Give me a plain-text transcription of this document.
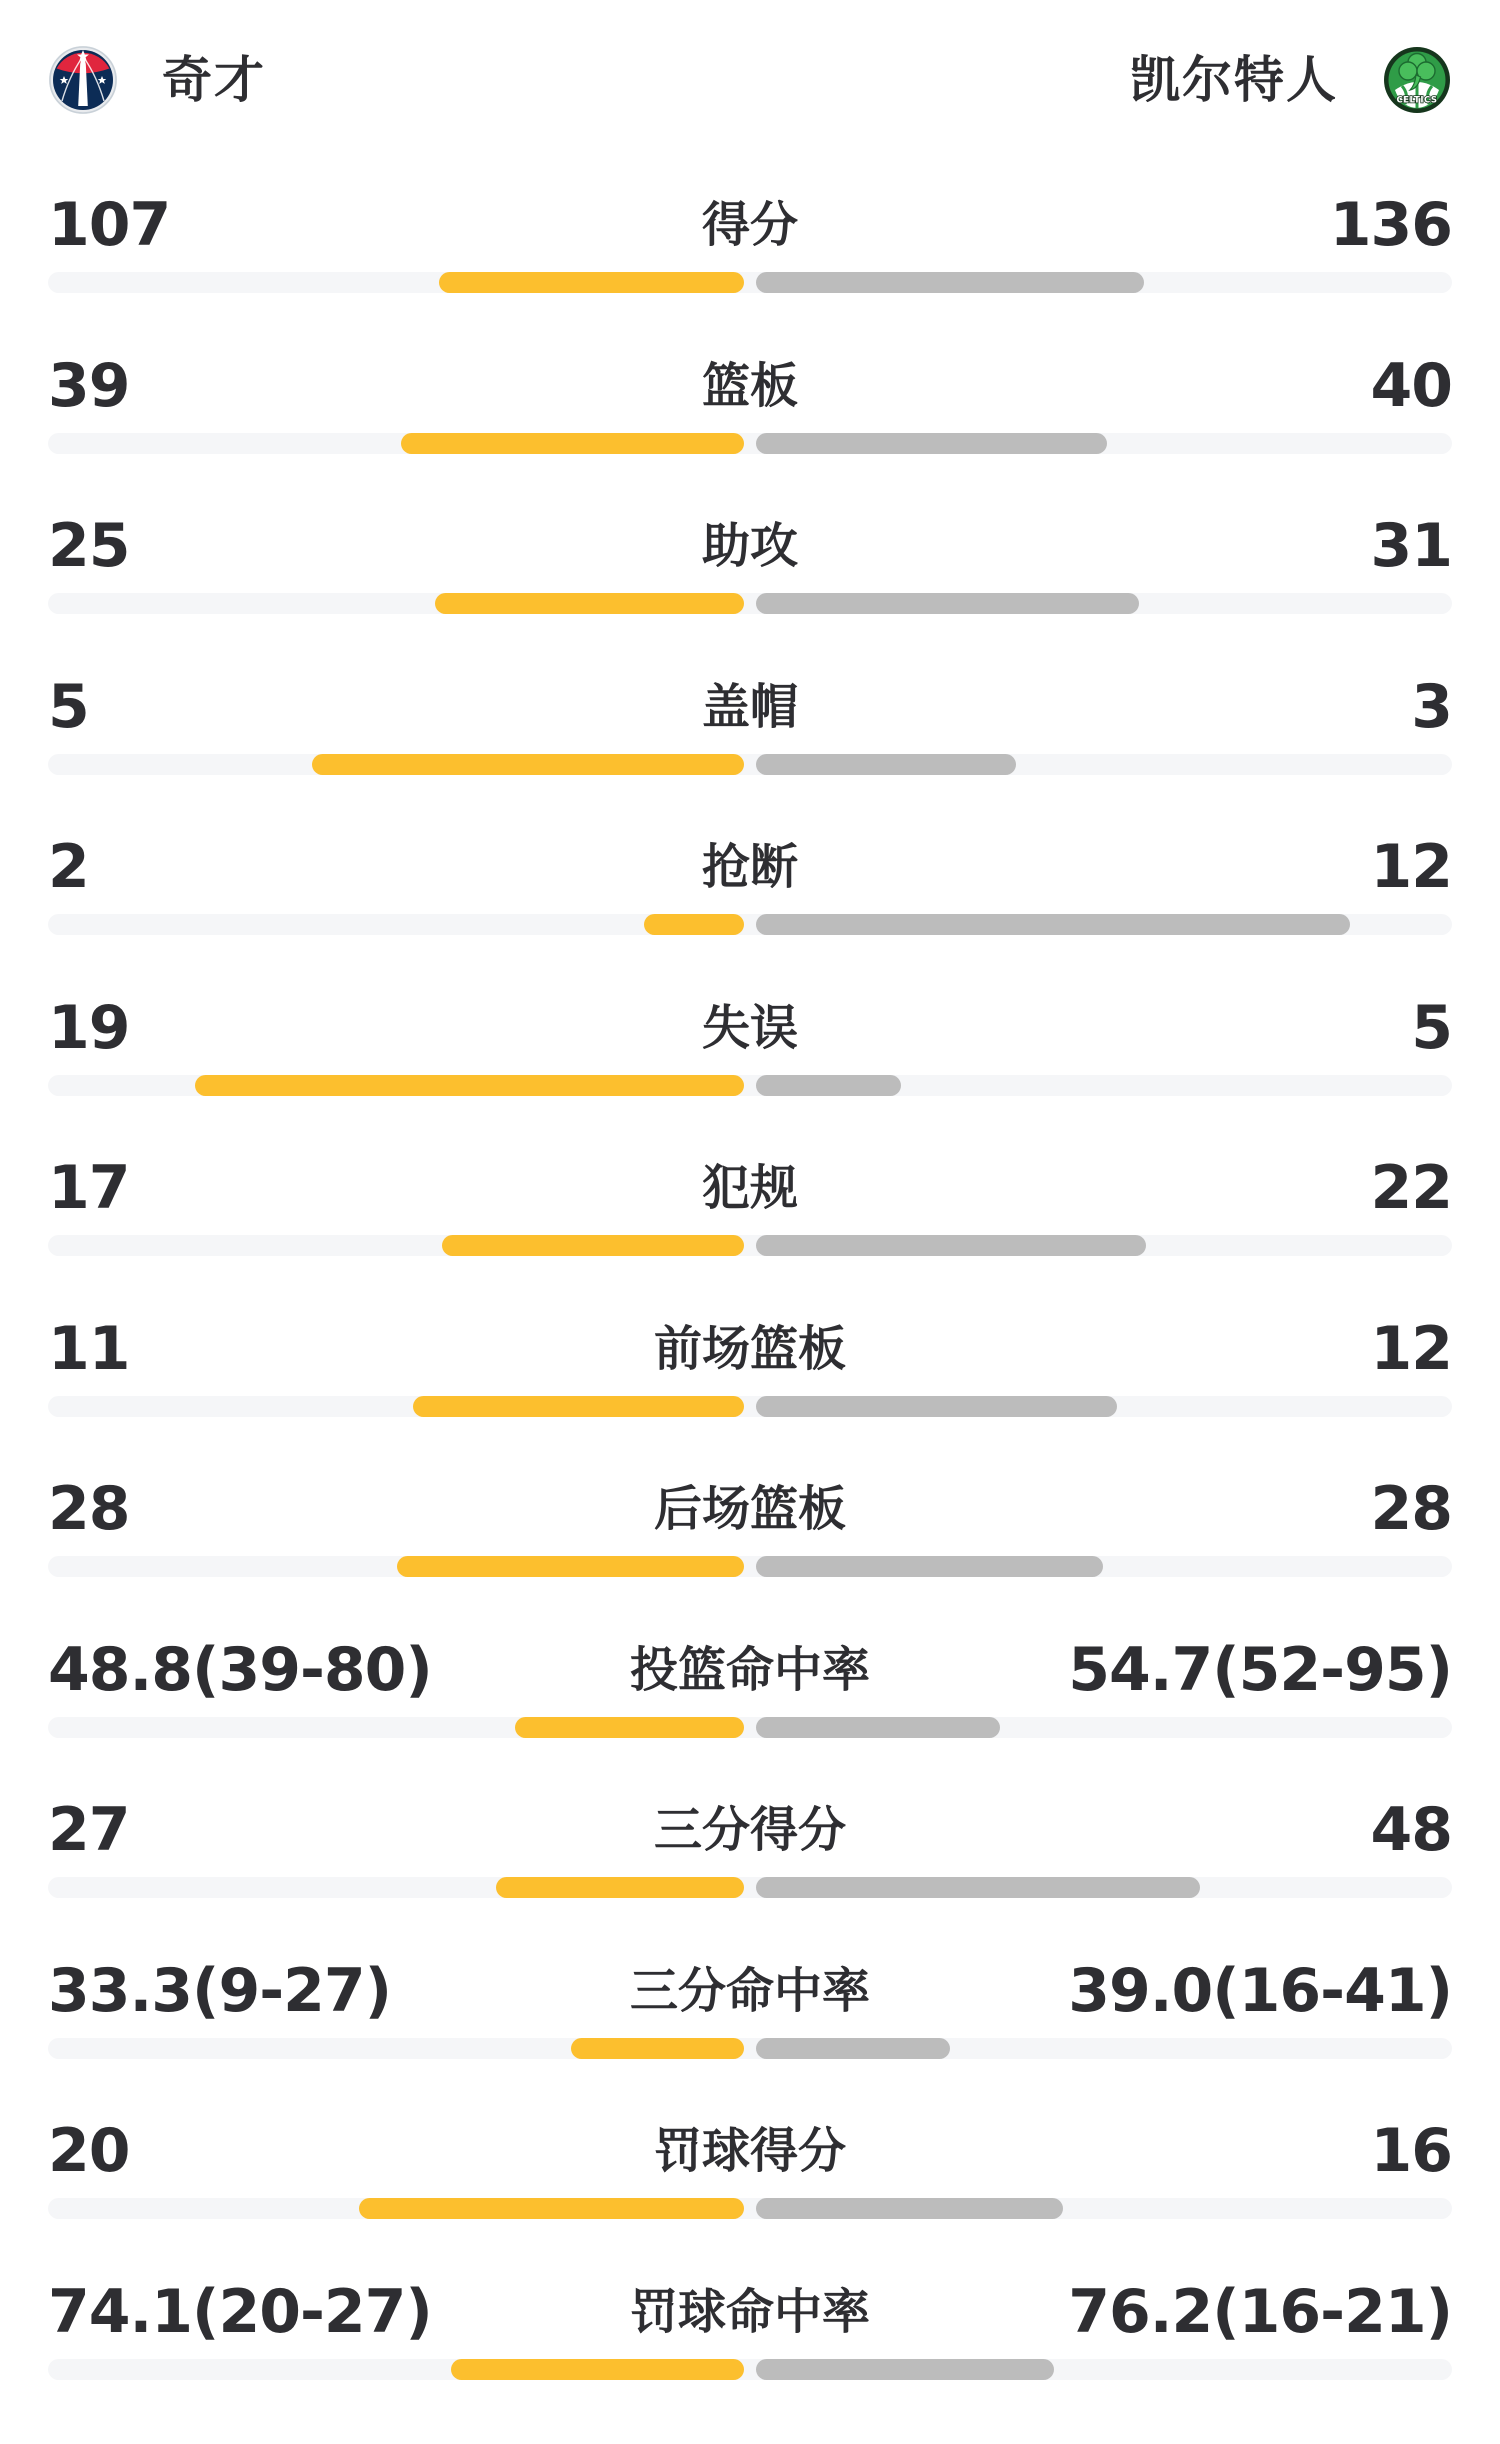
奇才	凯尔特人	CELTICS
107	得分	136
39	篮板	40
25	助攻	31
5	盖帽	3
2	抢断	12
19	失误	5
17	犯规	22
11	前场篮板	12
28	后场篮板	28
48.8(39-80)	投篮命中率	54.7(52-95)
27	三分得分	48
33.3(9-27)	三分命中率	39.0(16-41)
20	罚球得分	16
74.1(20-27)	罚球命中率	76.2(16-21)
